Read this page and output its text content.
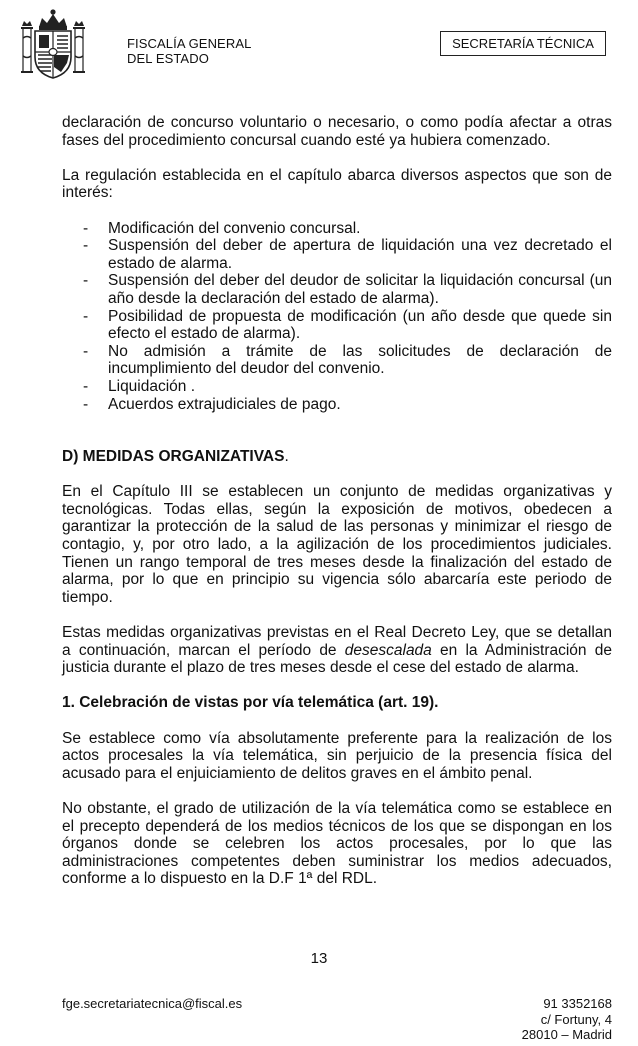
FISCALÍA GENERAL
DEL ESTADO
SECRETARÍA TÉCNICA

declaración de concurso voluntario o necesario, o como podía afectar a otras fases del procedimiento concursal cuando esté ya hubiera comenzado.

La regulación establecida en el capítulo abarca diversos aspectos que son de interés:

- Modificación del convenio concursal.
- Suspensión del deber de apertura de liquidación una vez decretado el estado de alarma.
- Suspensión del deber del deudor de solicitar la liquidación concursal (un año desde la declaración del estado de alarma).
- Posibilidad de propuesta de modificación (un año desde que quede sin efecto el estado de alarma).
- No admisión a trámite de las solicitudes de declaración de incumplimiento del deudor del convenio.
- Liquidación .
- Acuerdos extrajudiciales de pago.

D) MEDIDAS ORGANIZATIVAS.

En el Capítulo III se establecen un conjunto de medidas organizativas y tecnológicas. Todas ellas, según la exposición de motivos, obedecen a garantizar la protección de la salud de las personas y minimizar el riesgo de contagio, y, por otro lado, a la agilización de los procedimientos judiciales. Tienen un rango temporal de tres meses desde la finalización del estado de alarma, por lo que en principio su vigencia sólo abarcaría este periodo de tiempo.

Estas medidas organizativas previstas en el Real Decreto Ley, que se detallan a continuación, marcan el período de desescalada en la Administración de justicia durante el plazo de tres meses desde el cese del estado de alarma.

1. Celebración de vistas por vía telemática (art. 19).

Se establece como vía absolutamente preferente para la realización de los actos procesales la vía telemática, sin perjuicio de la presencia física del acusado para el enjuiciamiento de delitos graves en el ámbito penal.

No obstante, el grado de utilización de la vía telemática como se establece en el precepto dependerá de los medios técnicos de los que se dispongan en los órganos donde se celebren los actos procesales, por lo que las administraciones competentes deben suministrar los medios adecuados, conforme a lo dispuesto en la D.F 1ª del RDL.

13
fge.secretariatecnica@fiscal.es	91 3352168
c/ Fortuny, 4
28010 – Madrid
